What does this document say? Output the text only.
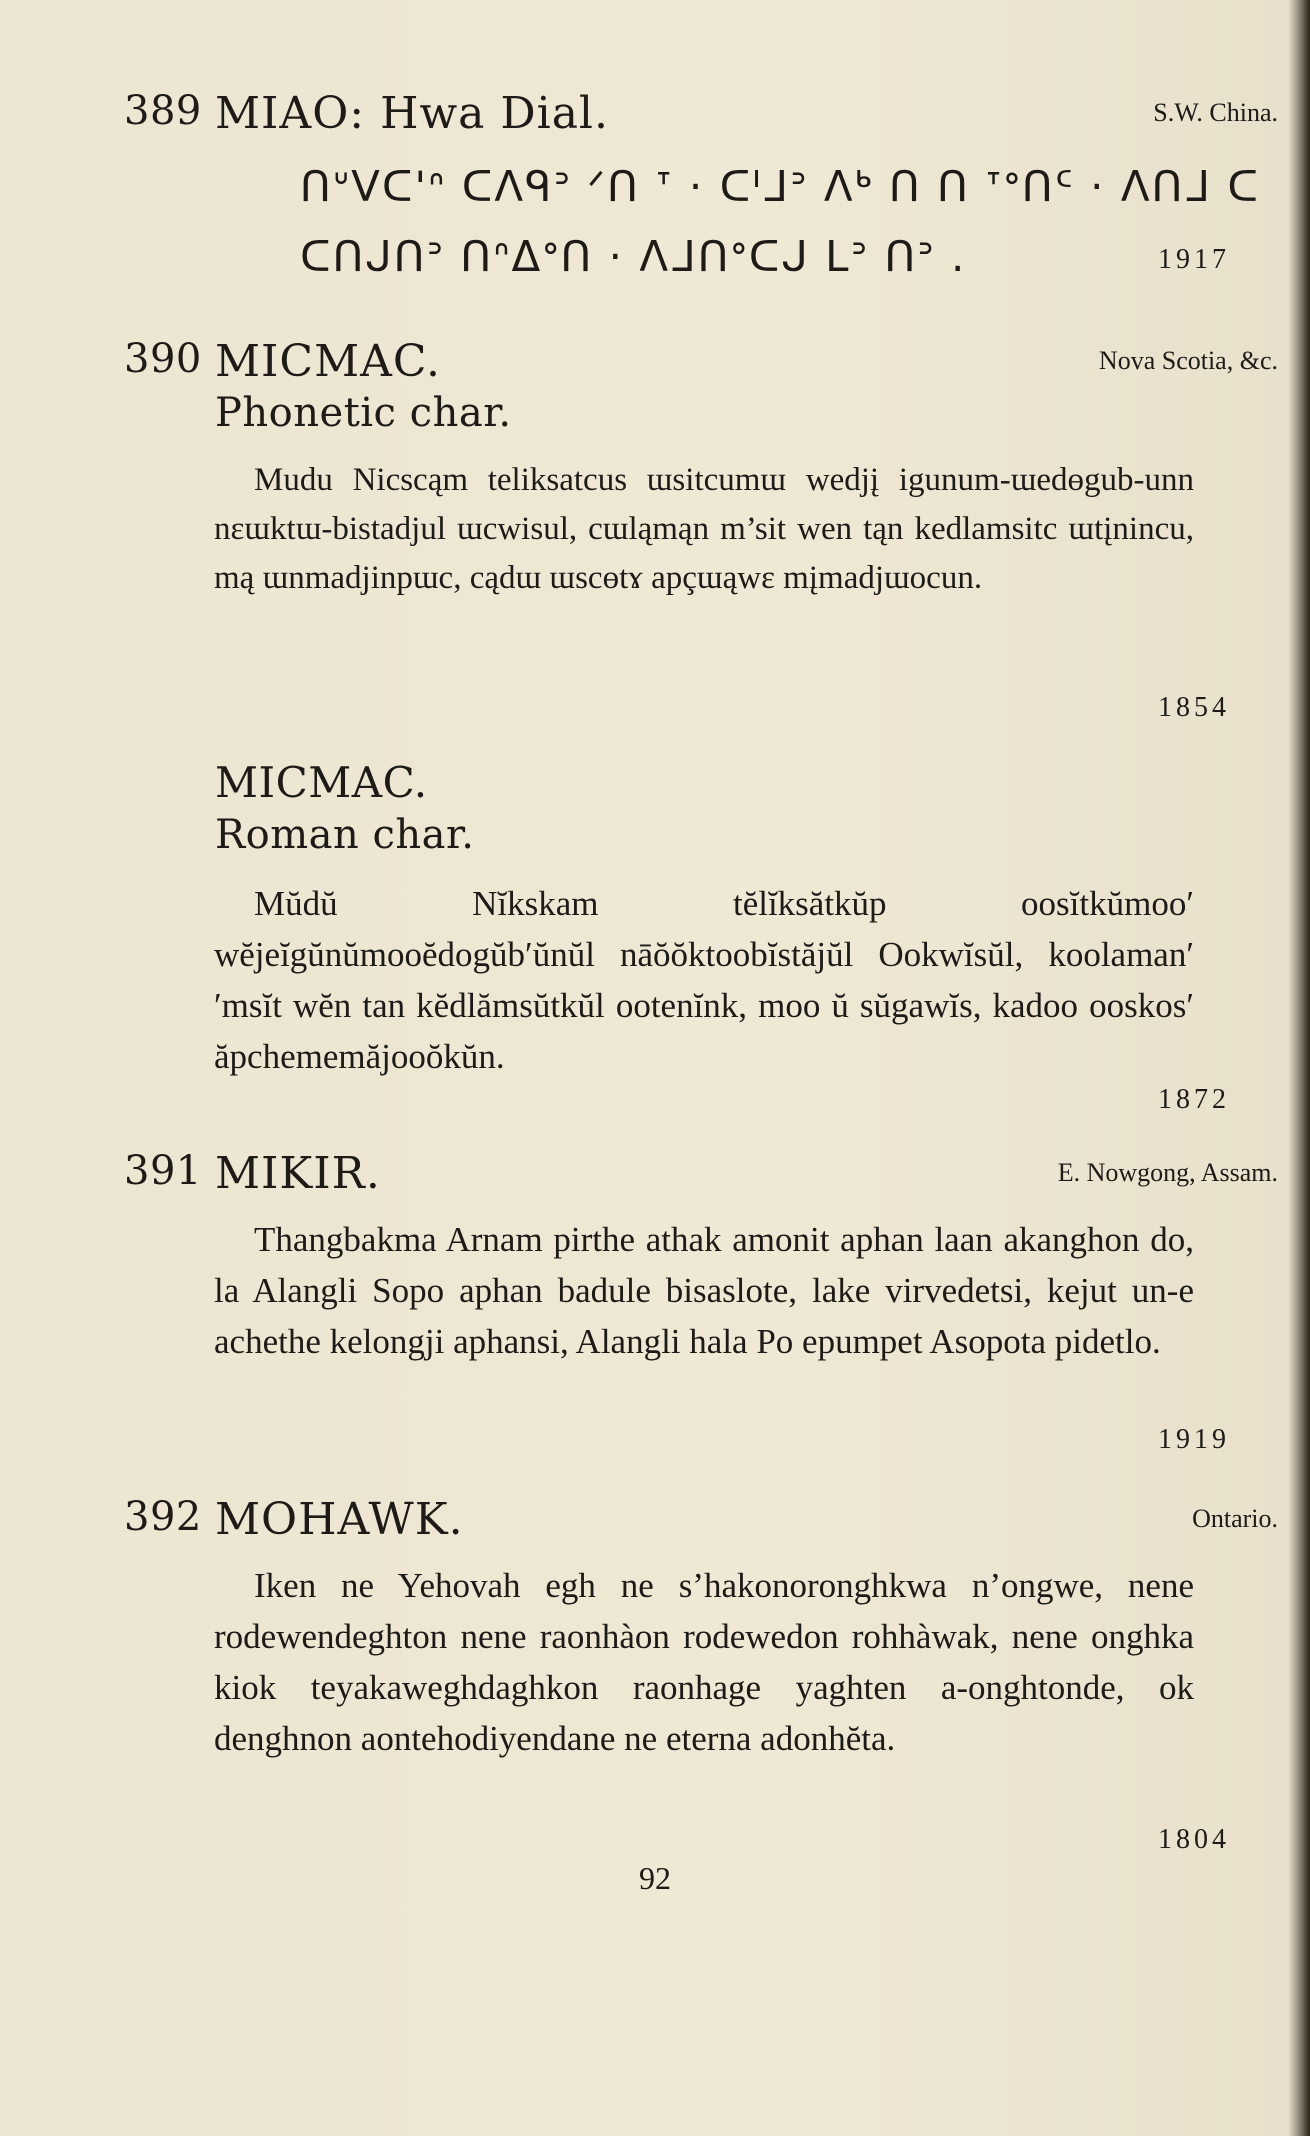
389 MIAO: Hwa Dial.	S.W. China.
ᑎᐡᐯᑕ'ᐢ ᑕᐱᑫᐣ ᐟᑎ ᐪ · ᑕᑊᒧᐣ ᐱᒃ ᑎ ᑎ ᐪᐤᑎᑦ · ᐱᑎᒧ ᑕ
ᑕᑎᒍᑎᐣ ᑎᐢᐃᐤᑎ · ᐱᒧᑎᐤᑕᒍ ᒪᐣ ᑎᐣ .	1917
390 MICMAC.	Nova Scotia, &c.
Phonetic char.
Mudu Nicscąm teliksatcus ɯsitcumɯ wedjį igunum-ɯedɵgub-unn nɛɯktɯ-bistadjul ɯcwisul, cɯląmąn m’sit wen tąn kedlamsitc ɯtįnincu, mą ɯnmadjinpɯc, cądɯ ɯscɵtɤ apçɯąwɛ mįmadjɯocun.
1854
MICMAC.
Roman char.
Mŭdŭ Nĭkskam tĕlĭksătkŭp oosĭtkŭmoo′ wĕjeĭgŭnŭmooĕdogŭb′ŭnŭl nāŏŏktoobĭstăjŭl Ookwĭsŭl, koolaman′′msĭt wĕn tan kĕdlămsŭtkŭl ootenĭnk, moo ŭ sŭgawĭs, kadoo ooskos′ ăpchememăjooŏkŭn.
1872
391 MIKIR.	E. Nowgong, Assam.
Thangbakma Arnam pirthe athak amonit aphan laan akanghon do, la Alangli Sopo aphan badule bisaslote, lake virvedetsi, kejut un-e achethe kelongji aphansi, Alangli hala Po epumpet Asopota pidetlo.
1919
392 MOHAWK.	Ontario.
Iken ne Yehovah egh ne s’hakonoronghkwa n’ongwe, nene rodewendeghton nene raonhàon rodewedon rohhàwak, nene onghka kiok teyakaweghdaghkon raonhage yaghten a-onghtonde, ok denghnon aontehodiyendane ne eterna adonhĕta.
1804
92
